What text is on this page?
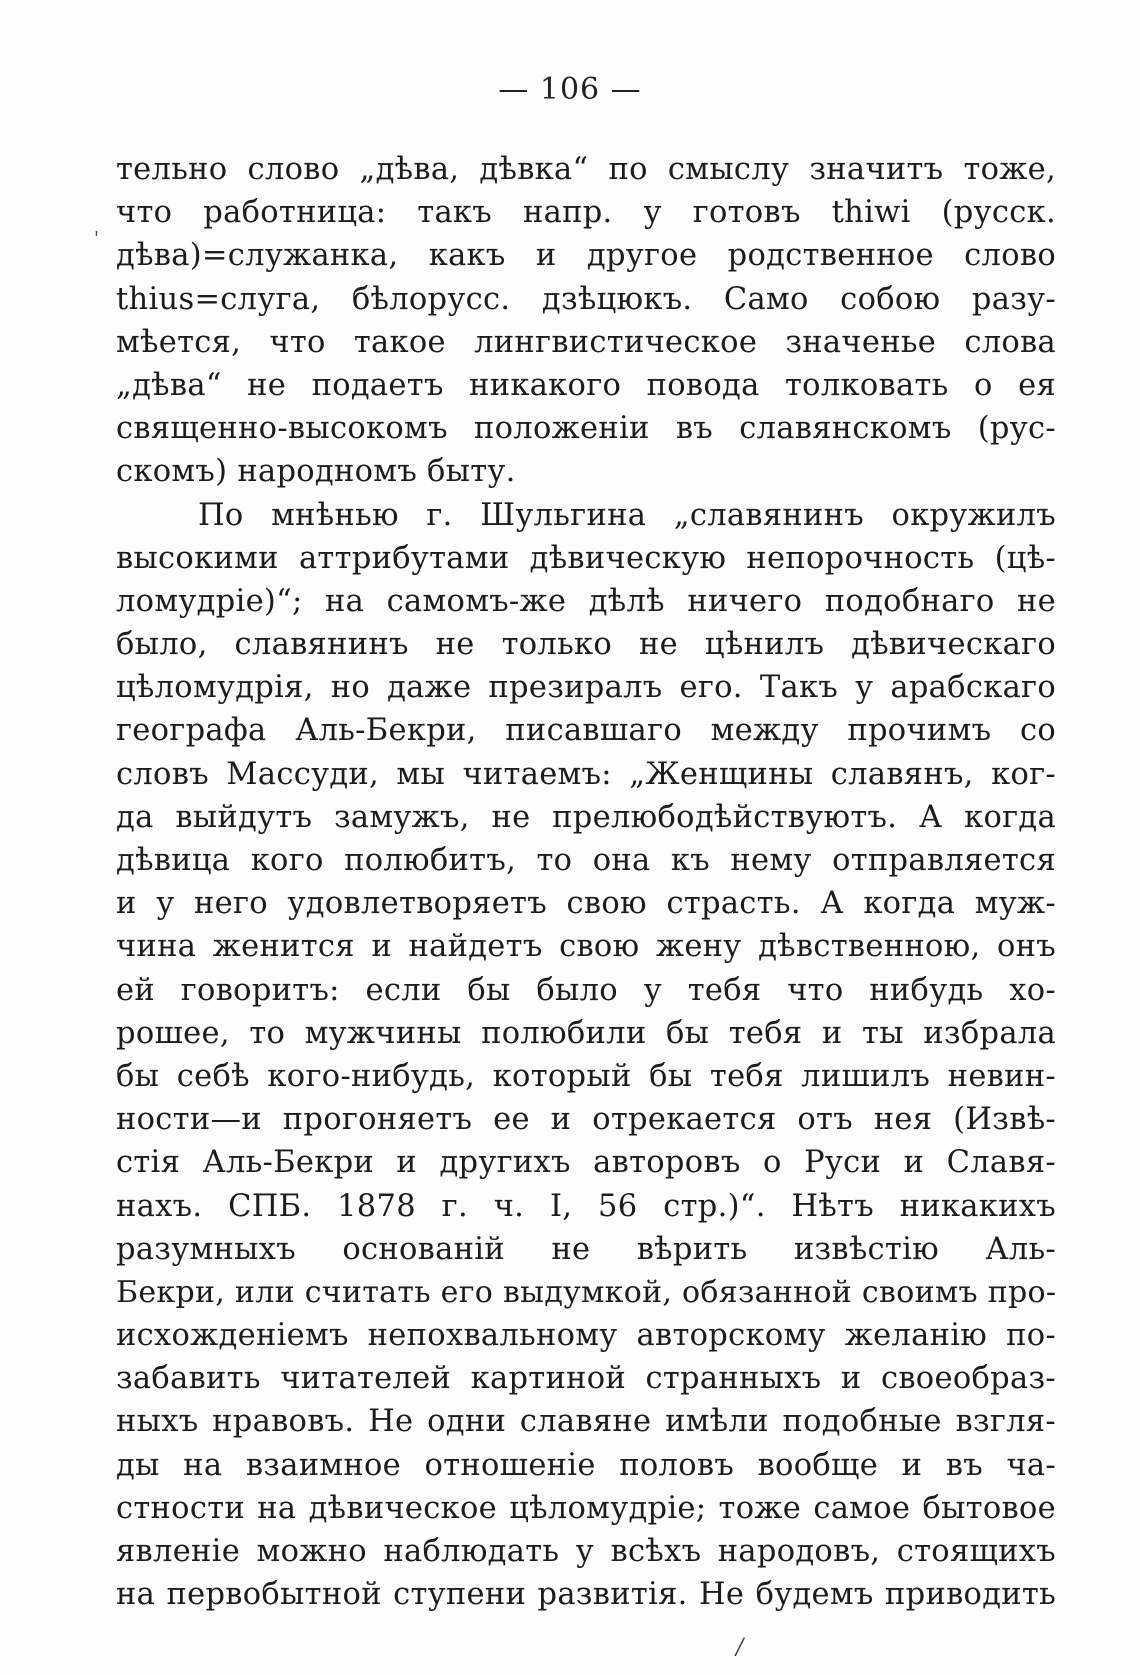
— 106 —
тельно слово „дѣва, дѣвка“ по смыслу значитъ тоже,
что работница: такъ напр. у готовъ thiwi (русск.
дѣва)=служанка, какъ и другое родственное слово
thius=слуга, бѣлорусс. дзѣцюкъ. Само собою разу-
мѣется, что такое лингвистическое значенье слова
„дѣва“ не подаетъ никакого повода толковать о ея
священно-высокомъ положеніи въ славянскомъ (рус-
скомъ) народномъ быту.
По мнѣнью г. Шульгина „славянинъ окружилъ
высокими аттрибутами дѣвическую непорочность (цѣ-
ломудріе)“; на самомъ-же дѣлѣ ничего подобнаго не
было, славянинъ не только не цѣнилъ дѣвическаго
цѣломудрія, но даже презиралъ его. Такъ у арабскаго
географа Аль-Бекри, писавшаго между прочимъ со
словъ Массуди, мы читаемъ: „Женщины славянъ, ког-
да выйдутъ замужъ, не прелюбодѣйствуютъ. А когда
дѣвица кого полюбитъ, то она къ нему отправляется
и у него удовлетворяетъ свою страсть. А когда муж-
чина женится и найдетъ свою жену дѣвственною, онъ
ей говоритъ: если бы было у тебя что нибудь хо-
рошее, то мужчины полюбили бы тебя и ты избрала
бы себѣ кого-нибудь, который бы тебя лишилъ невин-
ности—и прогоняетъ ее и отрекается отъ нея (Извѣ-
стія Аль-Бекри и другихъ авторовъ о Руси и Славя-
нахъ. СПБ. 1878 г. ч. I, 56 стр.)“. Нѣтъ никакихъ
разумныхъ основаній не вѣрить извѣстію Аль-
Бекри, или считать его выдумкой, обязанной своимъ про-
исхожденіемъ непохвальному авторскому желанію по-
забавить читателей картиной странныхъ и своеобраз-
ныхъ нравовъ. Не одни славяне имѣли подобные взгля-
ды на взаимное отношеніе половъ вообще и въ ча-
стности на дѣвическое цѣломудріе; тоже самое бытовое
явленіе можно наблюдать у всѣхъ народовъ, стоящихъ
на первобытной ступени развитія. Не будемъ приводить
'
/
